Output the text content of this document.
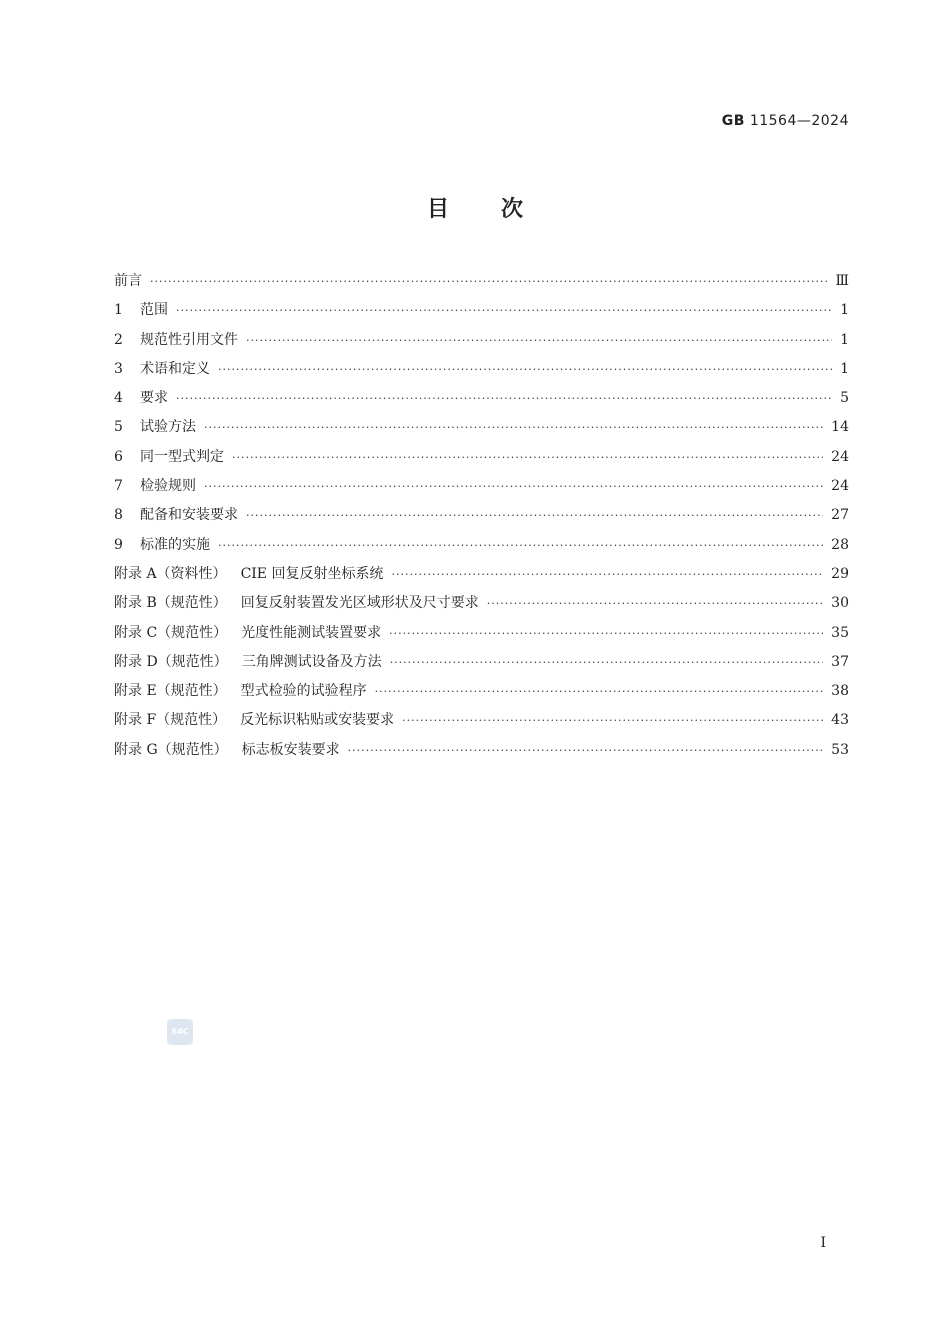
GB 11564—2024
目次
前言 ·····	Ⅲ
1 范围 ·····	1
2 规范性引用文件 ·····	1
3 术语和定义 ·····	1
4 要求 ·····	5
5 试验方法 ·····	14
6 同一型式判定 ·····	24
7 检验规则 ·····	24
8 配备和安装要求 ·····	27
9 标准的实施 ·····	28
附录 A（资料性） CIE 回复反射坐标系统 ·····	29
附录 B（规范性） 回复反射装置发光区域形状及尺寸要求 ·····	30
附录 C（规范性） 光度性能测试装置要求 ·····	35
附录 D（规范性） 三角牌测试设备及方法 ·····	37
附录 E（规范性） 型式检验的试验程序 ·····	38
附录 F（规范性） 反光标识粘贴或安装要求 ·····	43
附录 G（规范性） 标志板安装要求 ·····	53
SAC
I
